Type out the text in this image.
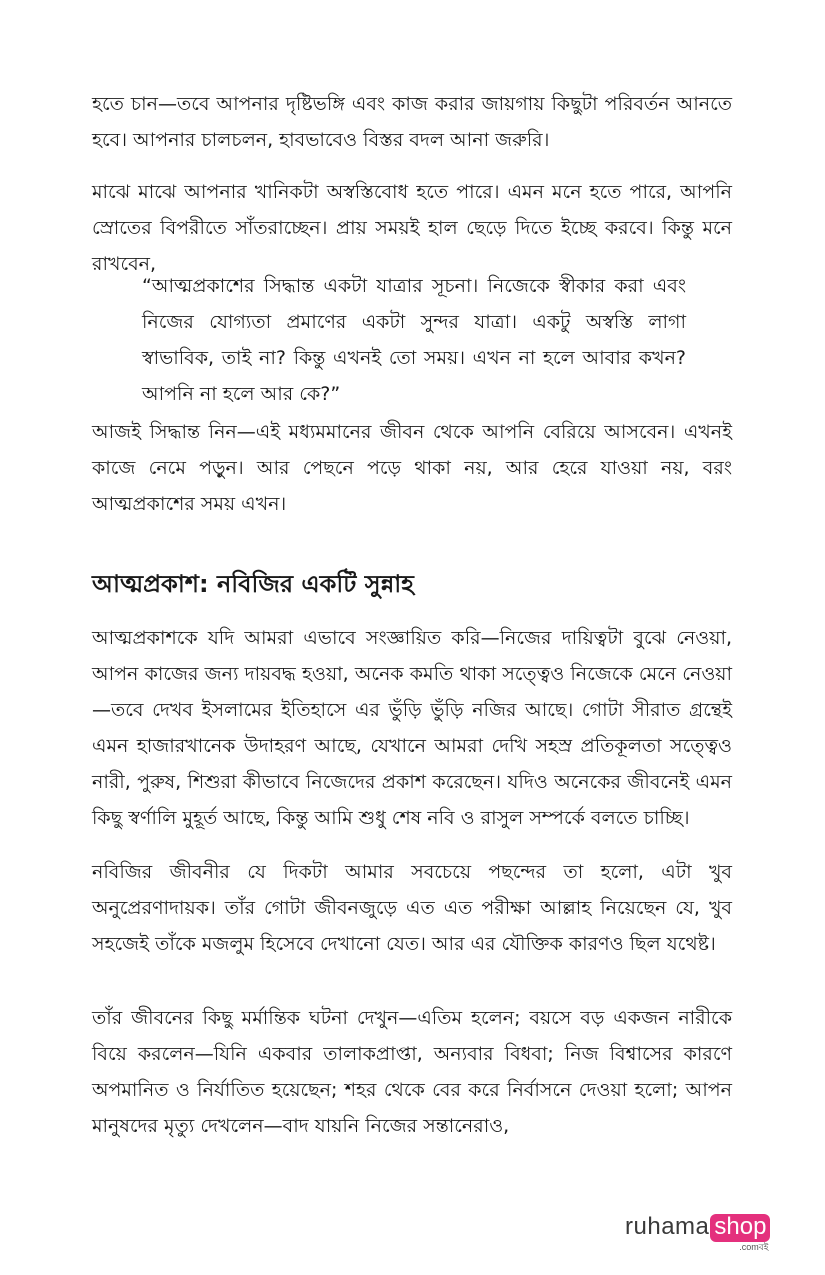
হতে চান—তবে আপনার দৃষ্টিভঙ্গি এবং কাজ করার জায়গায় কিছুটা পরিবর্তন আনতে হবে। আপনার চালচলন, হাবভাবেও বিস্তর বদল আনা জরুরি।

মাঝে মাঝে আপনার খানিকটা অস্বস্তিবোধ হতে পারে। এমন মনে হতে পারে, আপনি স্রোতের বিপরীতে সাঁতরাচ্ছেন। প্রায় সময়ই হাল ছেড়ে দিতে ইচ্ছে করবে। কিন্তু মনে রাখবেন,

“আত্মপ্রকাশের সিদ্ধান্ত একটা যাত্রার সূচনা। নিজেকে স্বীকার করা এবং নিজের যোগ্যতা প্রমাণের একটা সুন্দর যাত্রা। একটু অস্বস্তি লাগা স্বাভাবিক, তাই না? কিন্তু এখনই তো সময়। এখন না হলে আবার কখন? আপনি না হলে আর কে?”

আজই সিদ্ধান্ত নিন—এই মধ্যমমানের জীবন থেকে আপনি বেরিয়ে আসবেন। এখনই কাজে নেমে পড়ুন। আর পেছনে পড়ে থাকা নয়, আর হেরে যাওয়া নয়, বরং আত্মপ্রকাশের সময় এখন।

আত্মপ্রকাশ: নবিজির একটি সুন্নাহ

আত্মপ্রকাশকে যদি আমরা এভাবে সংজ্ঞায়িত করি—নিজের দায়িত্বটা বুঝে নেওয়া, আপন কাজের জন্য দায়বদ্ধ হওয়া, অনেক কমতি থাকা সত্ত্বেও নিজেকে মেনে নেওয়া—তবে দেখব ইসলামের ইতিহাসে এর ভুঁড়ি ভুঁড়ি নজির আছে। গোটা সীরাত গ্রন্থেই এমন হাজারখানেক উদাহরণ আছে, যেখানে আমরা দেখি সহস্র প্রতিকূলতা সত্ত্বেও নারী, পুরুষ, শিশুরা কীভাবে নিজেদের প্রকাশ করেছেন। যদিও অনেকের জীবনেই এমন কিছু স্বর্ণালি মুহূর্ত আছে, কিন্তু আমি শুধু শেষ নবি ও রাসুল সম্পর্কে বলতে চাচ্ছি।

নবিজির জীবনীর যে দিকটা আমার সবচেয়ে পছন্দের তা হলো, এটা খুব অনুপ্রেরণাদায়ক। তাঁর গোটা জীবনজুড়ে এত এত পরীক্ষা আল্লাহ নিয়েছেন যে, খুব সহজেই তাঁকে মজলুম হিসেবে দেখানো যেত। আর এর যৌক্তিক কারণও ছিল যথেষ্ট।

তাঁর জীবনের কিছু মর্মান্তিক ঘটনা দেখুন—এতিম হলেন; বয়সে বড় একজন নারীকে বিয়ে করলেন—যিনি একবার তালাকপ্রাপ্তা, অন্যবার বিধবা; নিজ বিশ্বাসের কারণে অপমানিত ও নির্যাতিত হয়েছেন; শহর থেকে বের করে নির্বাসনে দেওয়া হলো; আপন মানুষদের মৃত্যু দেখলেন—বাদ যায়নি নিজের সন্তানেরাও,

ruhama shop
.comবই
